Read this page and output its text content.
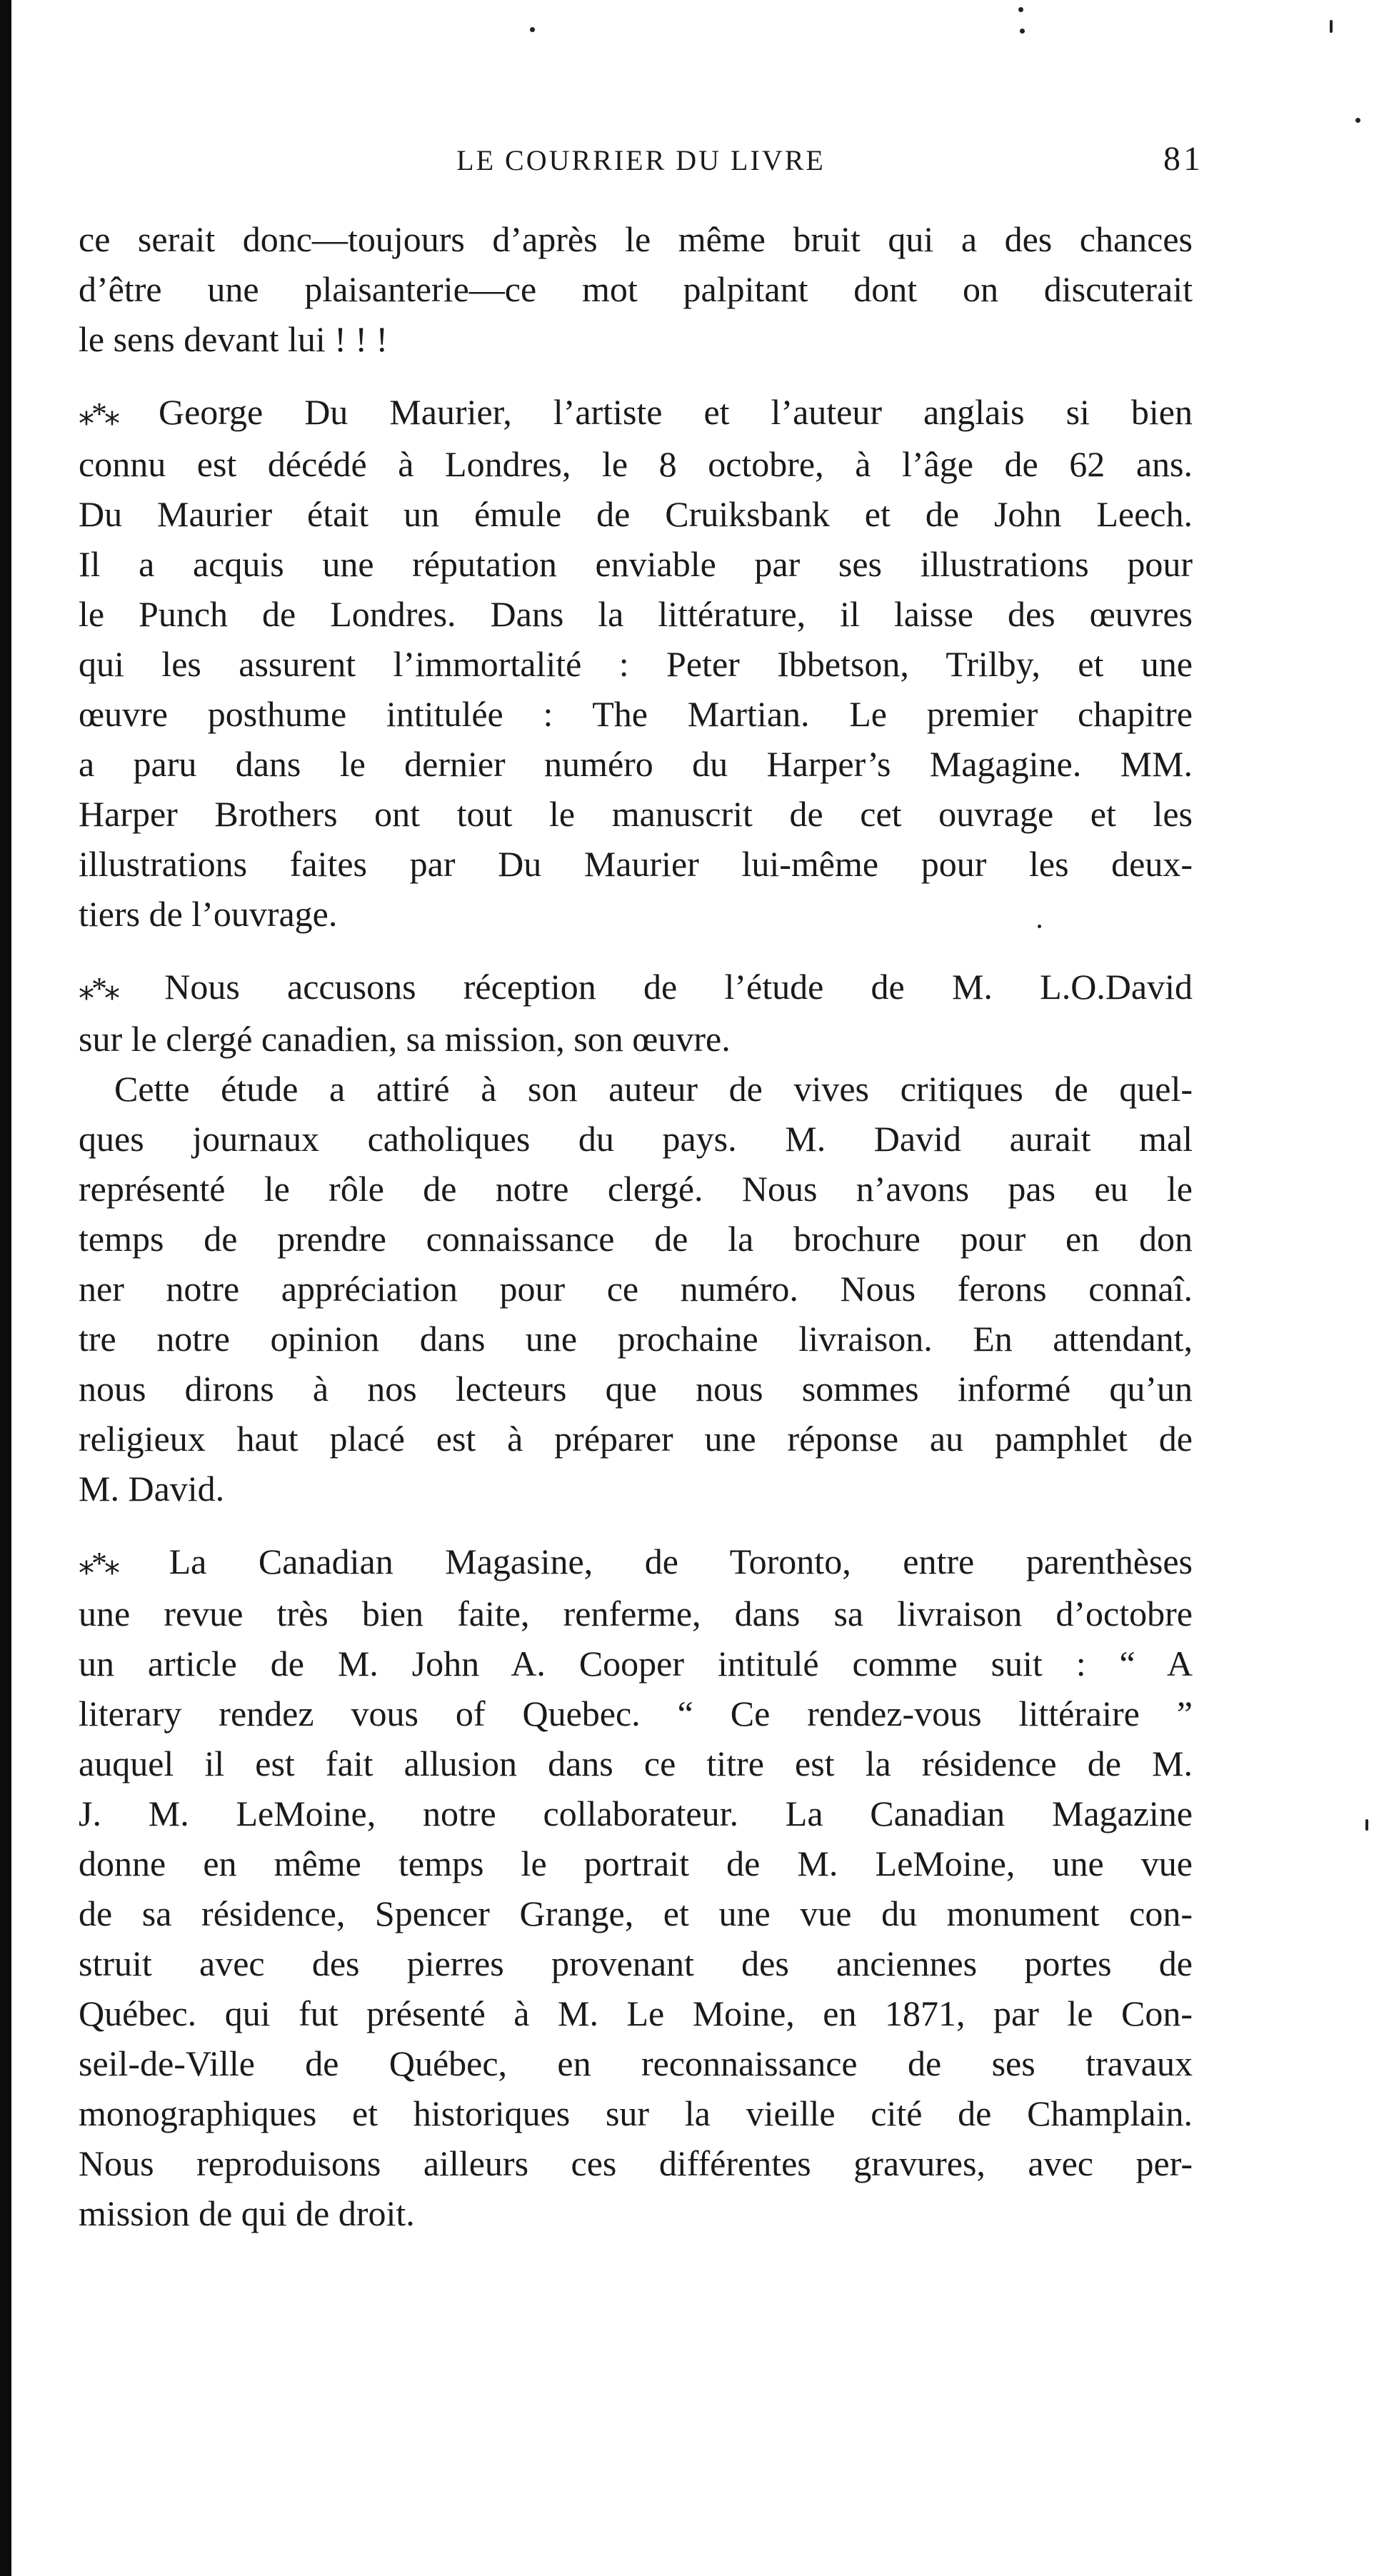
LE COURRIER DU LIVRE	81
ce serait donc—toujours d’après le même bruit qui a des chances
d’être une plaisanterie—ce mot palpitant dont on discuterait
le sens devant lui ! ! !
⁎*⁎ George Du Maurier, l’artiste et l’auteur anglais si bien
connu est décédé à Londres, le 8 octobre, à l’âge de 62 ans.
Du Maurier était un émule de Cruiksbank et de John Leech.
Il a acquis une réputation enviable par ses illustrations pour
le Punch de Londres. Dans la littérature, il laisse des œuvres
qui les assurent l’immortalité : Peter Ibbetson, Trilby, et une
œuvre posthume intitulée : The Martian. Le premier chapitre
a paru dans le dernier numéro du Harper’s Magagine. MM.
Harper Brothers ont tout le manuscrit de cet ouvrage et les
illustrations faites par Du Maurier lui-même pour les deux-
tiers de l’ouvrage.
⁎*⁎ Nous accusons réception de l’étude de M. L.O.David
sur le clergé canadien, sa mission, son œuvre.
Cette étude a attiré à son auteur de vives critiques de quel-
ques journaux catholiques du pays. M. David aurait mal
représenté le rôle de notre clergé. Nous n’avons pas eu le
temps de prendre connaissance de la brochure pour en don
ner notre appréciation pour ce numéro. Nous ferons connaî.
tre notre opinion dans une prochaine livraison. En attendant,
nous dirons à nos lecteurs que nous sommes informé qu’un
religieux haut placé est à préparer une réponse au pamphlet de
M. David.
⁎*⁎ La Canadian Magasine, de Toronto, entre parenthèses
une revue très bien faite, renferme, dans sa livraison d’octobre
un article de M. John A. Cooper intitulé comme suit : “ A
literary rendez vous of Quebec. “ Ce rendez-vous littéraire ”
auquel il est fait allusion dans ce titre est la résidence de M.
J. M. LeMoine, notre collaborateur. La Canadian Magazine
donne en même temps le portrait de M. LeMoine, une vue
de sa résidence, Spencer Grange, et une vue du monument con-
struit avec des pierres provenant des anciennes portes de
Québec. qui fut présenté à M. Le Moine, en 1871, par le Con-
seil-de-Ville de Québec, en reconnaissance de ses travaux
monographiques et historiques sur la vieille cité de Champlain.
Nous reproduisons ailleurs ces différentes gravures, avec per-
mission de qui de droit.
